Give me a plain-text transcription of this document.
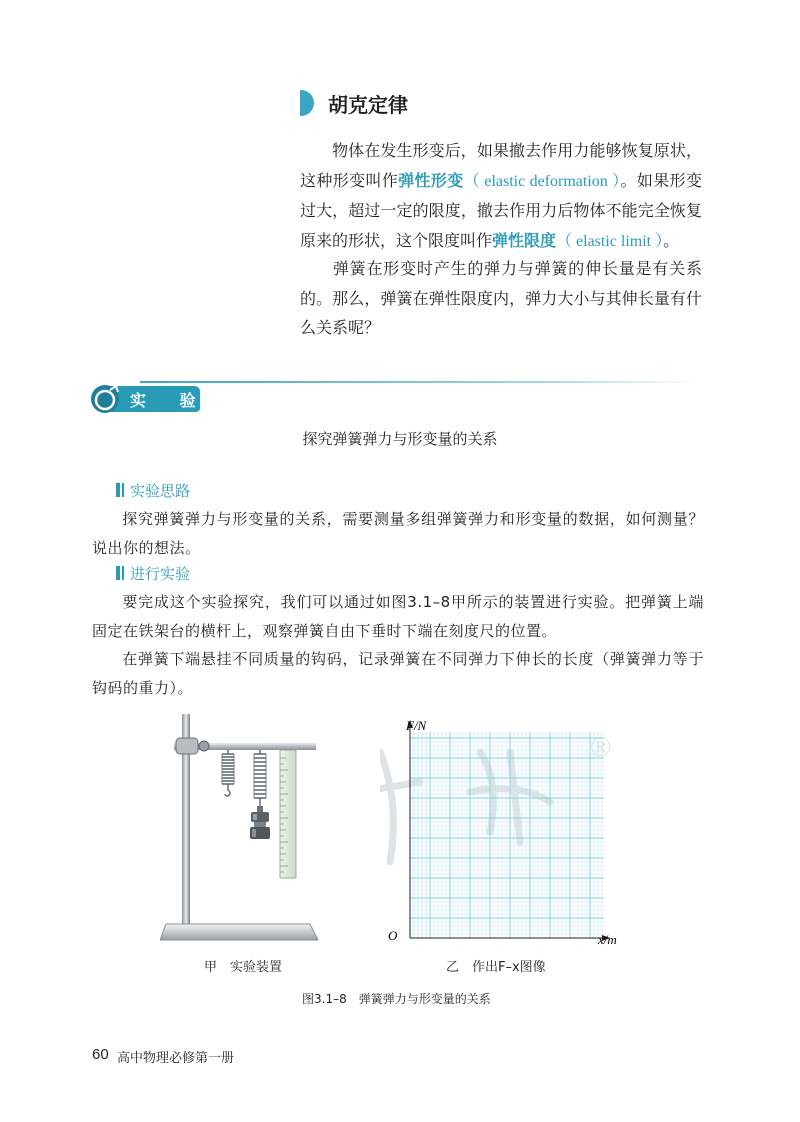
胡克定律
物体在发生形变后，如果撤去作用力能够恢复原状，这种形变叫作弹性形变（ elastic deformation ）。如果形变过大，超过一定的限度，撤去作用力后物体不能完全恢复原来的形状，这个限度叫作弹性限度（ elastic limit ）。
弹簧在形变时产生的弹力与弹簧的伸长量是有关系的。那么，弹簧在弹性限度内，弹力大小与其伸长量有什么关系呢？
实 验
探究弹簧弹力与形变量的关系
实验思路
探究弹簧弹力与形变量的关系，需要测量多组弹簧弹力和形变量的数据，如何测量？说出你的想法。
进行实验
要完成这个实验探究，我们可以通过如图3.1–8甲所示的装置进行实验。把弹簧上端固定在铁架台的横杆上，观察弹簧自由下垂时下端在刻度尺的位置。
在弹簧下端悬挂不同质量的钩码，记录弹簧在不同弹力下伸长的长度（弹簧弹力等于钩码的重力）。
®
F/N
x/m
O
甲　实验装置	乙　作出F–x图像
图3.1–8　弹簧弹力与形变量的关系
60 高中物理必修第一册
